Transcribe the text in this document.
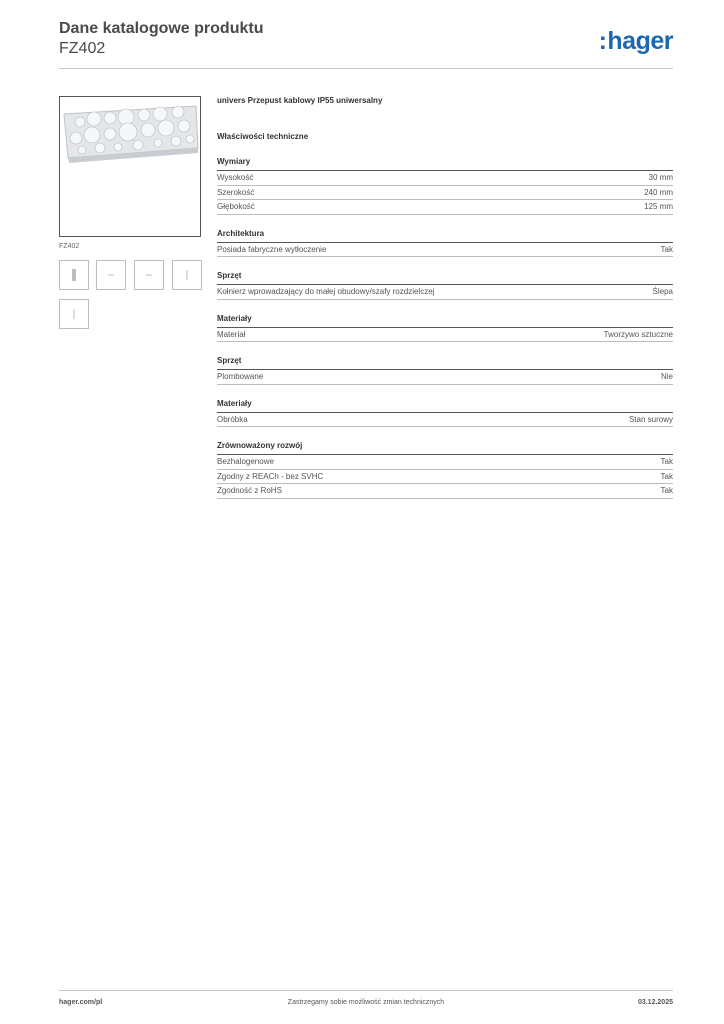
Dane katalogowe produktu
FZ402	:hager
FZ402
univers Przepust kablowy IP55 uniwersalny
Właściwości techniczne
Wymiary
Wysokość	30 mm
Szerokość	240 mm
Głębokość	125 mm
Architektura
Posiada fabryczne wytłoczenie	Tak
Sprzęt
Kołnierz wprowadzający do małej obudowy/szafy rozdzielczej	Ślepa
Materiały
Materiał	Tworzywo sztuczne
Sprzęt
Plombowane	Nie
Materiały
Obróbka	Stan surowy
Zrównoważony rozwój
Bezhalogenowe	Tak
Zgodny z REACh - bez SVHC	Tak
Zgodność z RoHS	Tak
hager.com/pl	Zastrzegamy sobie możliwość zmian technicznych	03.12.2025
